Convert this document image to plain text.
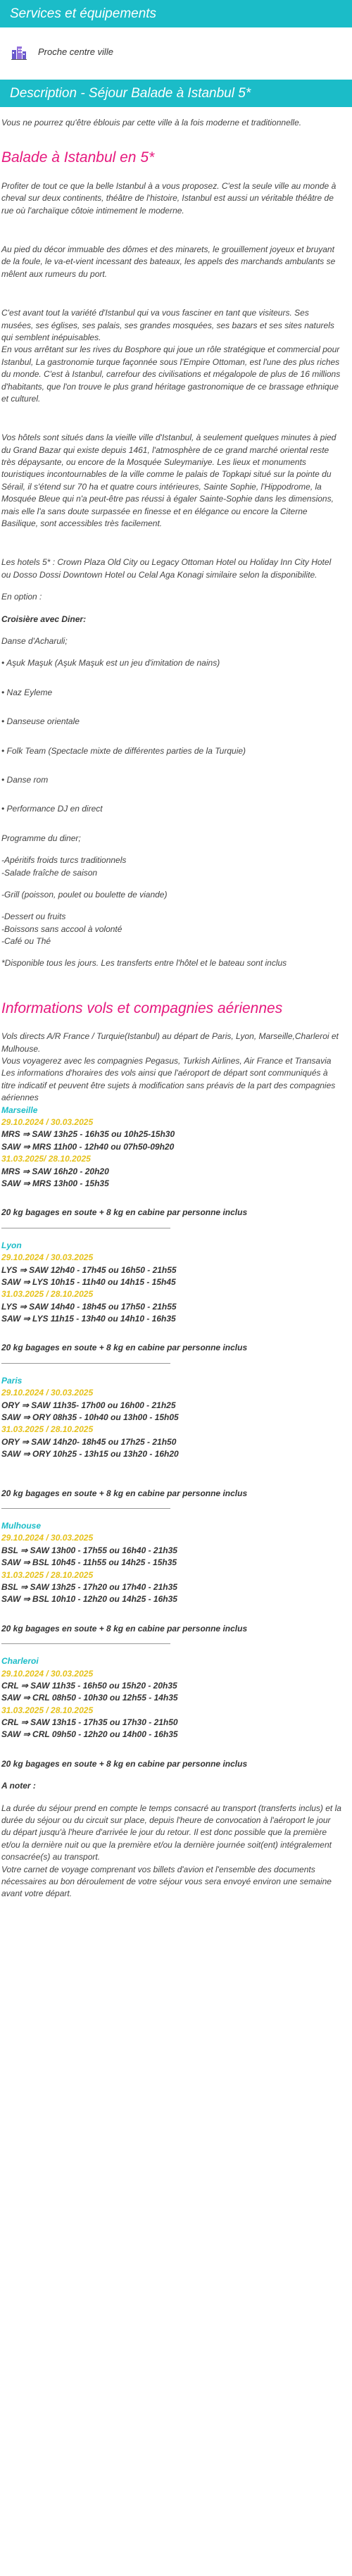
Services et équipements
Proche centre ville
Description - Séjour Balade à Istanbul 5*

Vous ne pourrez qu'être éblouis par cette ville à la fois moderne et traditionnelle.

Balade à Istanbul en 5*

Profiter de tout ce que la belle Istanbul à a vous proposez. C'est la seule ville au monde à cheval sur deux continents, théâtre de l'histoire, Istanbul est aussi un véritable théâtre de rue où l'archaïque côtoie intimement le moderne.

Au pied du décor immuable des dômes et des minarets, le grouillement joyeux et bruyant de la foule, le va-et-vient incessant des bateaux, les appels des marchands ambulants se mêlent aux rumeurs du port.

C'est avant tout la variété d'Istanbul qui va vous fasciner en tant que visiteurs. Ses musées, ses églises, ses palais, ses grandes mosquées, ses bazars et ses sites naturels qui semblent inépuisables.
En vous arrêtant sur les rives du Bosphore qui joue un rôle stratégique et commercial pour Istanbul, La gastronomie turque façonnée sous l'Empire Ottoman, est l'une des plus riches du monde. C'est à Istanbul, carrefour des civilisations et mégalopole de plus de 16 millions d'habitants, que l'on trouve le plus grand héritage gastronomique de ce brassage ethnique et culturel.

Vos hôtels sont situés dans la vieille ville d'Istanbul, à seulement quelques minutes à pied du Grand Bazar qui existe depuis 1461, l'atmosphère de ce grand marché oriental reste très dépaysante, ou encore de la Mosquée Suleymaniye. Les lieux et monuments touristiques incontournables de la ville comme le palais de Topkapi situé sur la pointe du Sérail, il s'étend sur 70 ha et quatre cours intérieures, Sainte Sophie, l'Hippodrome, la Mosquée Bleue qui n'a peut-être pas réussi à égaler Sainte-Sophie dans les dimensions, mais elle l'a sans doute surpassée en finesse et en élégance ou encore la Citerne Basilique, sont accessibles très facilement.

Les hotels 5* : Crown Plaza Old City ou Legacy Ottoman Hotel ou Holiday Inn City Hotel ou Dosso Dossi Downtown Hotel ou Celal Aga Konagi similaire selon la disponibilite.

En option :

Croisière avec Diner:

Danse d'Acharuli;

• Aşuk Maşuk (Aşuk Maşuk est un jeu d'imitation de nains)

• Naz Eyleme

• Danseuse orientale

• Folk Team (Spectacle mixte de différentes parties de la Turquie)

• Danse rom

• Performance DJ en direct

Programme du diner;

-Apéritifs froids turcs traditionnels

-Salade fraîche de saison

-Grill (poisson, poulet ou boulette de viande)

-Dessert ou fruits

-Boissons sans accool à volonté

-Café ou Thé

*Disponible tous les jours. Les transferts entre l'hôtel et le bateau sont inclus

Informations vols et compagnies aériennes

Vols directs A/R France / Turquie(Istanbul) au départ de Paris, Lyon, Marseille,Charleroi et Mulhouse.
Vous voyagerez avec les compagnies Pegasus, Turkish Airlines, Air France et Transavia
Les informations d'horaires des vols ainsi que l'aéroport de départ sont communiqués à titre indicatif et peuvent être sujets à modification sans préavis de la part des compagnies aériennes

Marseille

29.10.2024 / 30.03.2025

MRS ⇒ SAW 13h25 - 16h35 ou 10h25-15h30

SAW ⇒ MRS 11h00 - 12h40 ou 07h50-09h20

31.03.2025/ 28.10.2025

MRS ⇒ SAW 16h20 - 20h20

SAW ⇒ MRS 13h00 - 15h35

20 kg bagages en soute + 8 kg en cabine par personne inclus

Lyon

29.10.2024 / 30.03.2025

LYS ⇒ SAW 12h40 - 17h45 ou 16h50 - 21h55

SAW ⇒ LYS 10h15 - 11h40 ou 14h15 - 15h45

31.03.2025 / 28.10.2025

LYS ⇒ SAW 14h40 - 18h45 ou 17h50 - 21h55

SAW ⇒ LYS 11h15 - 13h40 ou 14h10 - 16h35

20 kg bagages en soute + 8 kg en cabine par personne inclus

Paris

29.10.2024 / 30.03.2025

ORY ⇒ SAW 11h35- 17h00 ou 16h00 - 21h25

SAW ⇒ ORY 08h35 - 10h40 ou 13h00 - 15h05

31.03.2025 / 28.10.2025

ORY ⇒ SAW 14h20- 18h45 ou 17h25 - 21h50

SAW ⇒ ORY 10h25 - 13h15 ou 13h20 - 16h20

20 kg bagages en soute + 8 kg en cabine par personne inclus

Mulhouse

29.10.2024 / 30.03.2025

BSL ⇒ SAW 13h00 - 17h55 ou 16h40 - 21h35

SAW ⇒ BSL 10h45 - 11h55 ou 14h25 - 15h35

31.03.2025 / 28.10.2025

BSL ⇒ SAW 13h25 - 17h20 ou 17h40 - 21h35

SAW ⇒ BSL 10h10 - 12h20 ou 14h25 - 16h35

20 kg bagages en soute + 8 kg en cabine par personne inclus

Charleroi

29.10.2024 / 30.03.2025

CRL ⇒ SAW 11h35 - 16h50 ou 15h20 - 20h35

SAW ⇒ CRL 08h50 - 10h30 ou 12h55 - 14h35

31.03.2025 / 28.10.2025

CRL ⇒ SAW 13h15 - 17h35 ou 17h30 - 21h50

SAW ⇒ CRL 09h50 - 12h20 ou 14h00 - 16h35

20 kg bagages en soute + 8 kg en cabine par personne inclus

A noter :

La durée du séjour prend en compte le temps consacré au transport (transferts inclus) et la durée du séjour ou du circuit sur place, depuis l'heure de convocation à l'aéroport le jour du départ jusqu'à l'heure d'arrivée le jour du retour. Il est donc possible que la première et/ou la dernière nuit ou que la première et/ou la dernière journée soit(ent) intégralement consacrée(s) au transport.
Votre carnet de voyage comprenant vos billets d'avion et l'ensemble des documents nécessaires au bon déroulement de votre séjour vous sera envoyé environ une semaine avant votre départ.
